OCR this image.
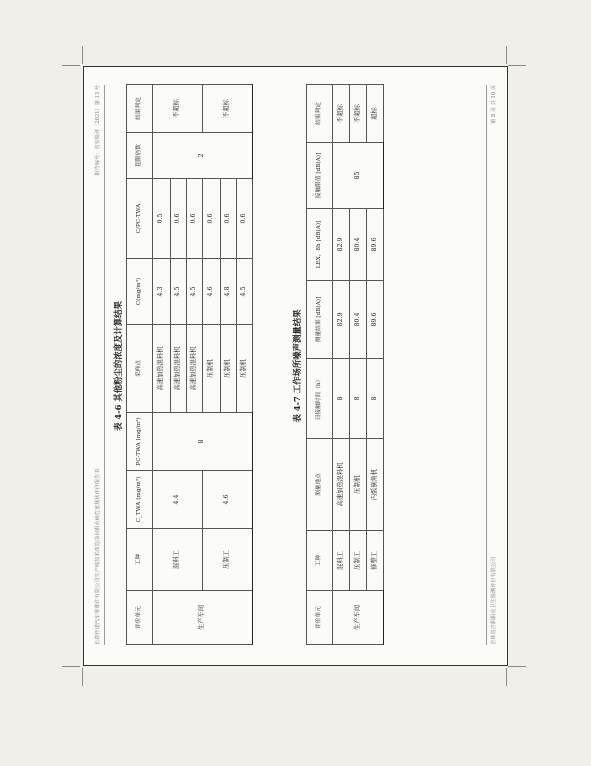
长春轩诺汽车零部件有限公司生产线技术改造项目职业病危害现状评价报告书
报告编号：省安检评〔2021〕第 13 号
表 4-6 其他粉尘的浓度及计算结果
评价单元	工种	C_TWA (mg/m³)	PC-TWA (mg/m³)	采样点	C(mg/m³)	C/PC-TWA	超限倍数	结果判定
生产车间	混料工	4.4	8	高速加热混料机	4.3	0.5	2	不超标
				高速加热混料机	4.5	0.6		
				高速加热混料机	4.5	0.6		
	压制工	4.6		压制机	4.6	0.6		不超标
				压制机	4.8	0.6		
				压制机	4.5	0.6		
表 4-7 工作场所噪声测量结果
评价单元	工种	测量地点	日接触时间（h）	测量结果 [dB(A)]	LEX，8h [dB(A)]	接触限值 [dB(A)]	结果判定
生产车间	混料工	高速加热混料机	8	82.9	82.9	85	不超标
	压制工	压制机	8	80.4	80.4		不超标
	修整工	内弧倒角机	8	89.6	89.6		超标
吉林省吉职职业卫生检测评价有限公司
第 8 页 共 10 页
